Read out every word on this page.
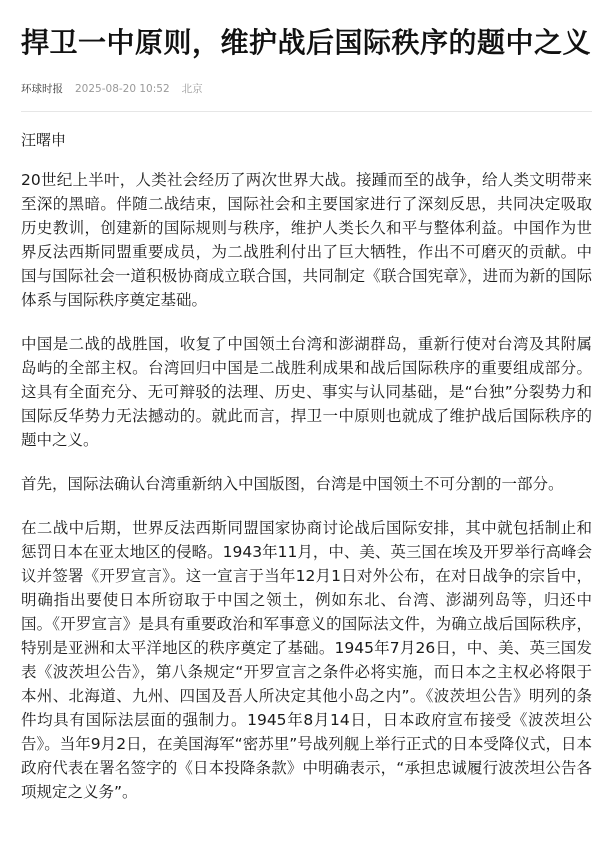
捍卫一中原则，维护战后国际秩序的题中之义
环球时报 2025-08-20 10:52 北京
汪曙申

20世纪上半叶，人类社会经历了两次世界大战。接踵而至的战争，给人类文明带来至深的黑暗。伴随二战结束，国际社会和主要国家进行了深刻反思，共同决定吸取历史教训，创建新的国际规则与秩序，维护人类长久和平与整体利益。中国作为世界反法西斯同盟重要成员，为二战胜利付出了巨大牺牲，作出不可磨灭的贡献。中国与国际社会一道积极协商成立联合国，共同制定《联合国宪章》，进而为新的国际体系与国际秩序奠定基础。

中国是二战的战胜国，收复了中国领土台湾和澎湖群岛，重新行使对台湾及其附属岛屿的全部主权。台湾回归中国是二战胜利成果和战后国际秩序的重要组成部分。这具有全面充分、无可辩驳的法理、历史、事实与认同基础，是“台独”分裂势力和国际反华势力无法撼动的。就此而言，捍卫一中原则也就成了维护战后国际秩序的题中之义。

首先，国际法确认台湾重新纳入中国版图，台湾是中国领土不可分割的一部分。

在二战中后期，世界反法西斯同盟国家协商讨论战后国际安排，其中就包括制止和惩罚日本在亚太地区的侵略。1943年11月，中、美、英三国在埃及开罗举行高峰会议并签署《开罗宣言》。这一宣言于当年12月1日对外公布，在对日战争的宗旨中，明确指出要使日本所窃取于中国之领土，例如东北、台湾、澎湖列岛等，归还中国。《开罗宣言》是具有重要政治和军事意义的国际法文件，为确立战后国际秩序，特别是亚洲和太平洋地区的秩序奠定了基础。1945年7月26日，中、美、英三国发表《波茨坦公告》，第八条规定“开罗宣言之条件必将实施，而日本之主权必将限于本州、北海道、九州、四国及吾人所决定其他小岛之内”。《波茨坦公告》明列的条件均具有国际法层面的强制力。1945年8月14日，日本政府宣布接受《波茨坦公告》。当年9月2日，在美国海军“密苏里”号战列舰上举行正式的日本受降仪式，日本政府代表在署名签字的《日本投降条款》中明确表示，“承担忠诚履行波茨坦公告各项规定之义务”。
